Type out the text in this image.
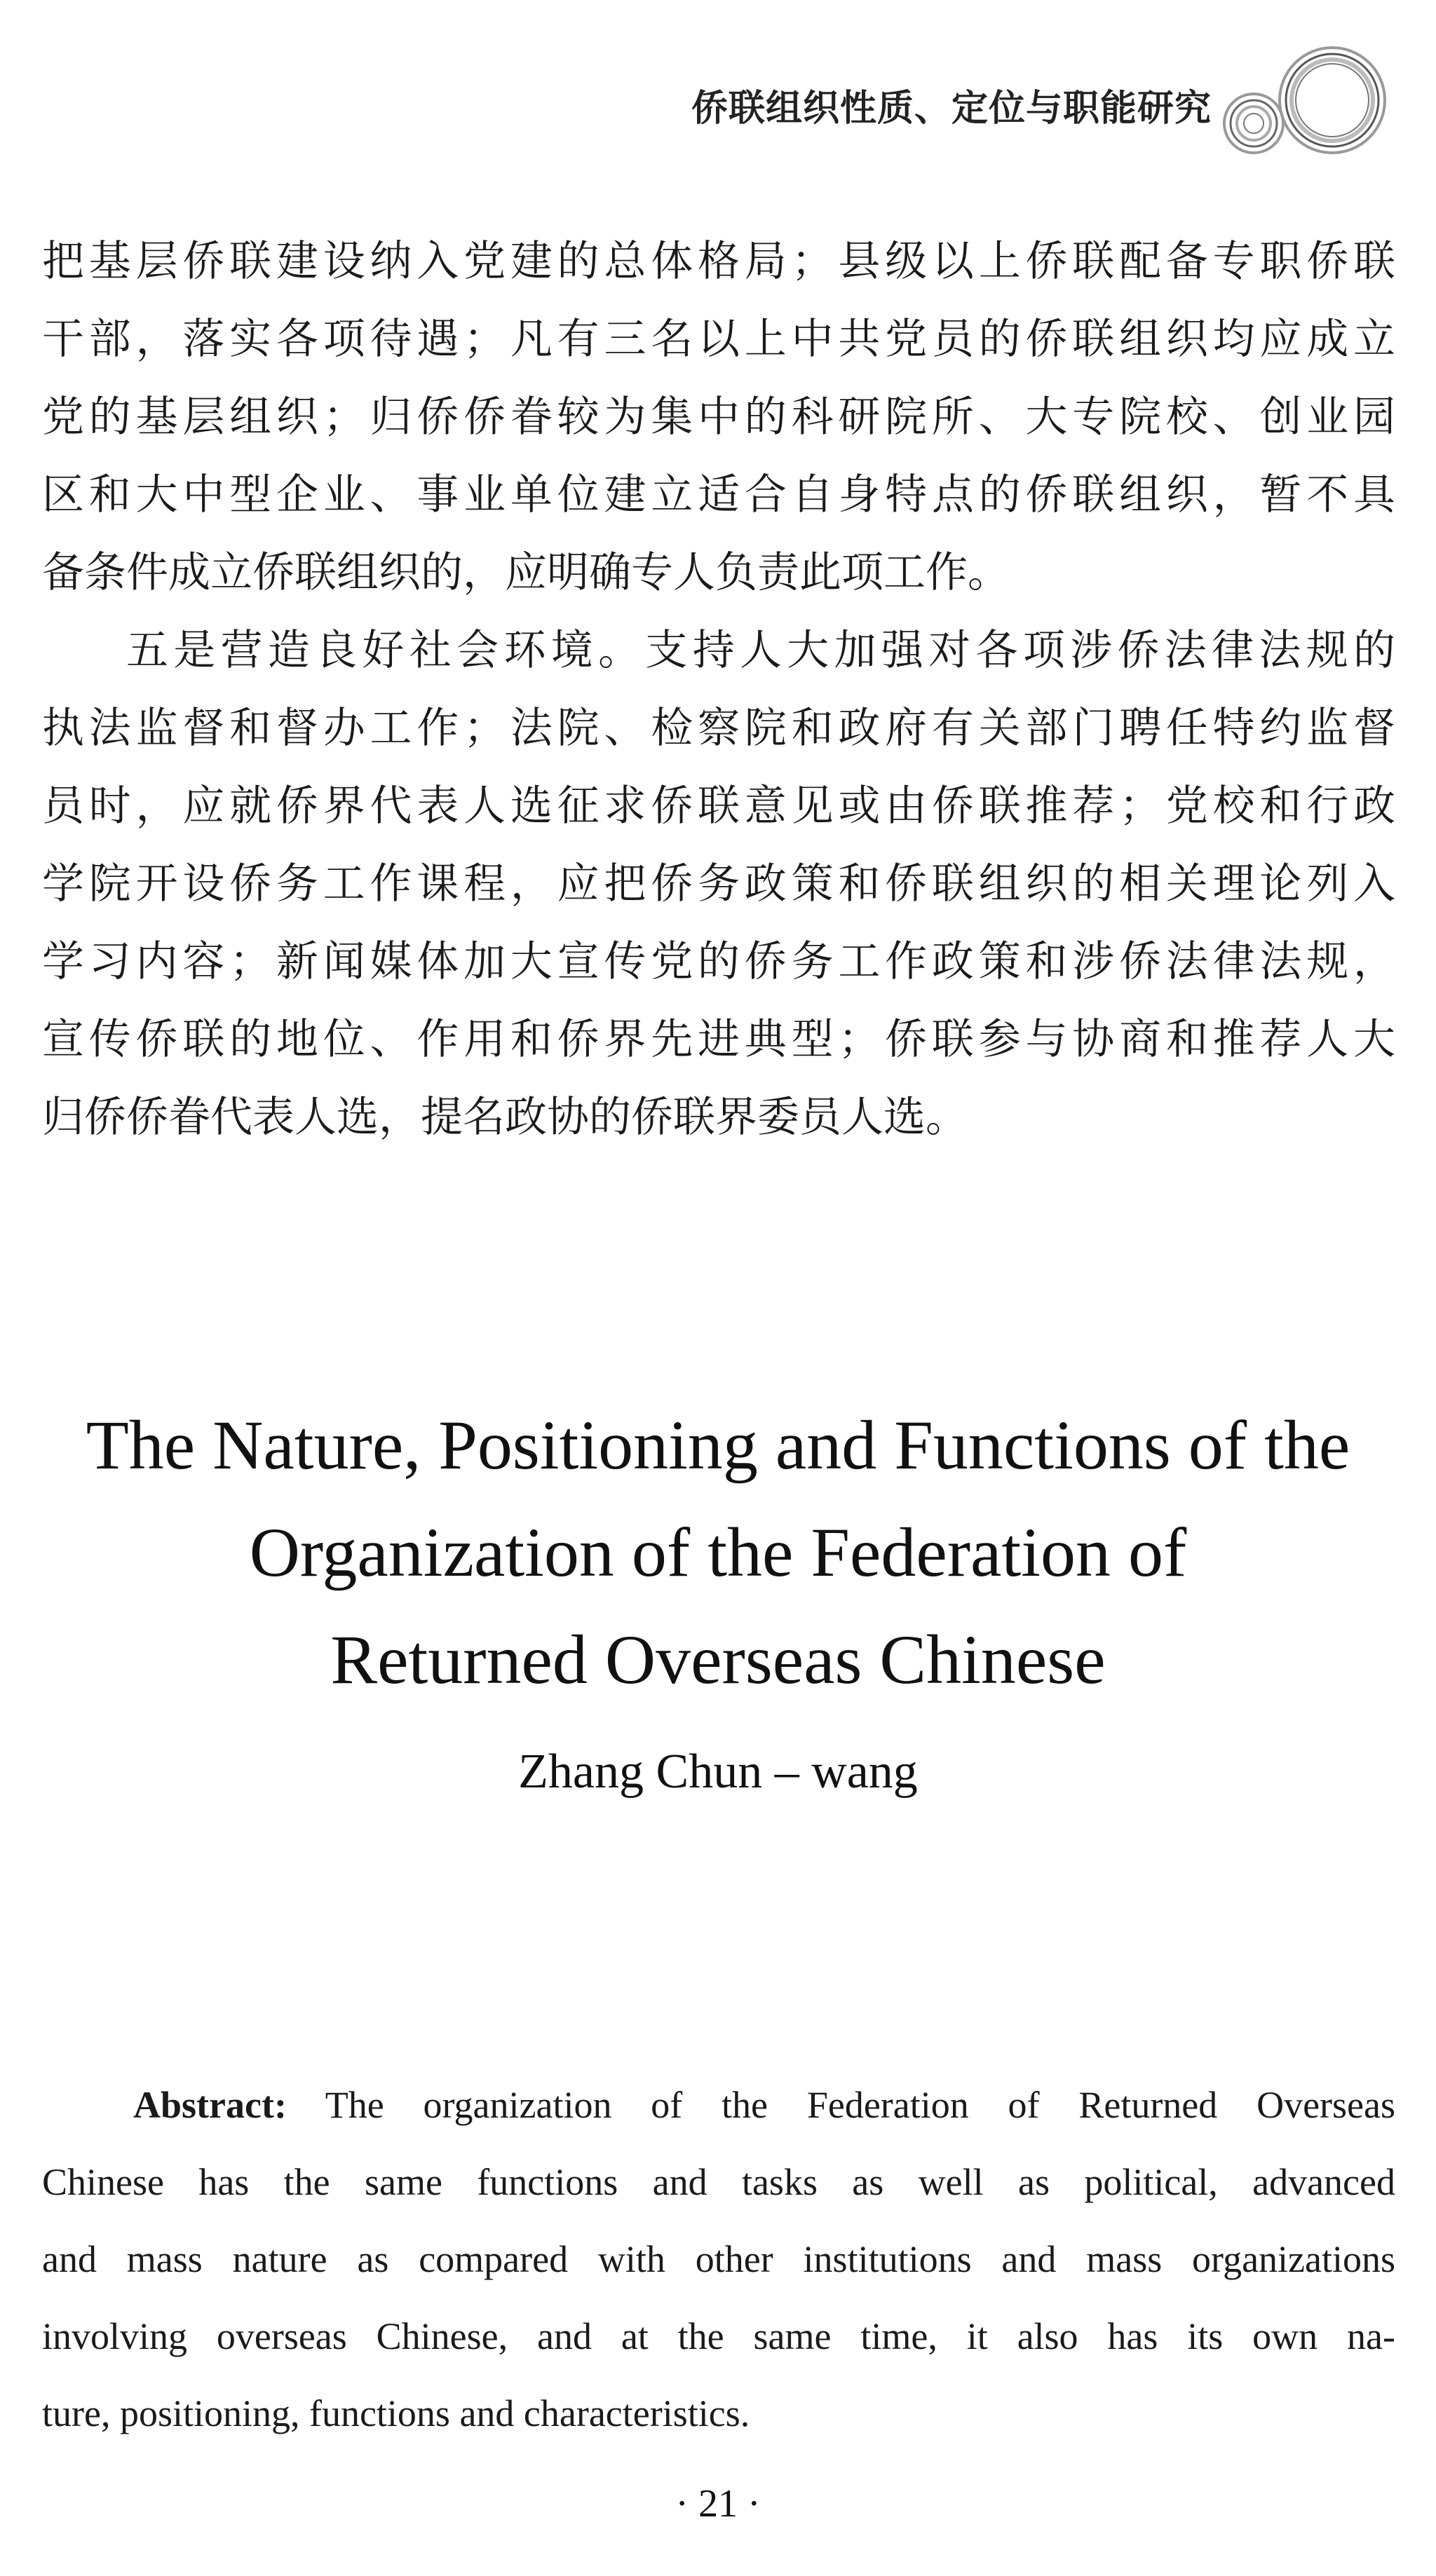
侨联组织性质、定位与职能研究
把基层侨联建设纳入党建的总体格局；县级以上侨联配备专职侨联
干部，落实各项待遇；凡有三名以上中共党员的侨联组织均应成立
党的基层组织；归侨侨眷较为集中的科研院所、大专院校、创业园
区和大中型企业、事业单位建立适合自身特点的侨联组织，暂不具
备条件成立侨联组织的，应明确专人负责此项工作。
五是营造良好社会环境。支持人大加强对各项涉侨法律法规的
执法监督和督办工作；法院、检察院和政府有关部门聘任特约监督
员时，应就侨界代表人选征求侨联意见或由侨联推荐；党校和行政
学院开设侨务工作课程，应把侨务政策和侨联组织的相关理论列入
学习内容；新闻媒体加大宣传党的侨务工作政策和涉侨法律法规，
宣传侨联的地位、作用和侨界先进典型；侨联参与协商和推荐人大
归侨侨眷代表人选，提名政协的侨联界委员人选。
The Nature, Positioning and Functions of the
Organization of the Federation of
Returned Overseas Chinese
Zhang Chun – wang
Abstract: The organization of the Federation of Returned Overseas
Chinese has the same functions and tasks as well as political, advanced
and mass nature as compared with other institutions and mass organizations
involving overseas Chinese, and at the same time, it also has its own na-
ture, positioning, functions and characteristics.
· 21 ·
